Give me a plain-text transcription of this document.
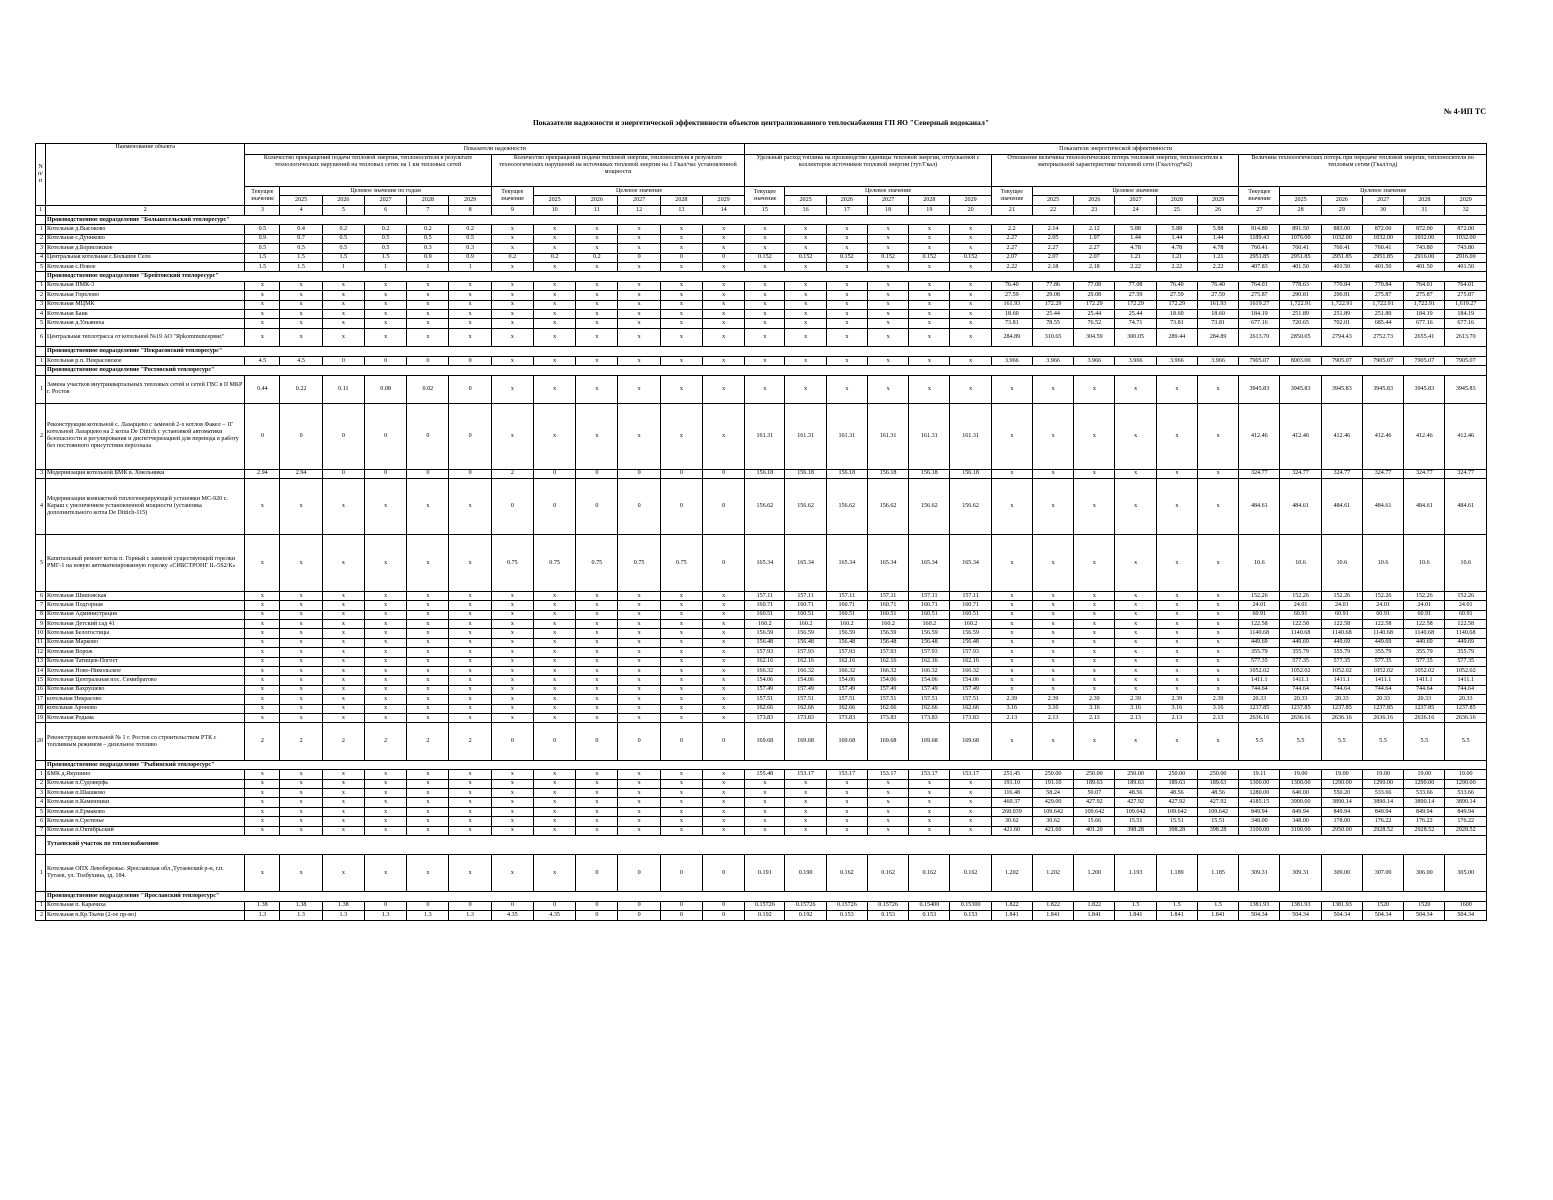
№ 4-ИП ТС
Показатели надежности и энергетической эффективности объектов централизованного теплоснабжения ГП ЯО "Северный водоканал"
N п/п	Наименование объекта	Показатели надежности												Показатели энергетической эффективности																	
		Количество прекращений подачи тепловой энергии, теплоносителя в результате технологических нарушений на тепловых сетях на 1 км тепловых сетей						Количество прекращений подачи тепловой энергии, теплоносителя в результате технологических нарушений на источниках тепловой энергии на 1 Гкал/час установленной мощности						Удельный расход топлива на производство единицы тепловой энергии, отпускаемой с коллекторов источников тепловой энергии (тут/Гкал)						Отношение величины технологических потерь тепловой энергии, теплоносителя к материальной характеристике тепловой сети (Гкал/год*м2)						Величина технологических потерь при передаче тепловой энергии, теплоносителя по тепловым сетям (Гкал/год)					
		Текущее значение	Целевое значение по годам					Текущее значение	Целевое значение					Текущее значение	Целевое значение					Текущее значение	Целевое значение					Текущее значение	Целевое значение				
			2025	2026	2027	2028	2029		2025	2026	2027	2028	2029		2025	2026	2027	2028	2029		2025	2026	2027	2028	2029		2025	2026	2027	2028	2029
1	2	3	4	5	6	7	8	9	10	11	12	13	14	15	16	17	18	19	20	21	22	23	24	25	26	27	28	29	30	31	32
	Производственное подразделение "Большесельский теплоресурс"																														
1	Котельная д.Высоково	0.5	0.4	0.2	0.2	0.2	0.2	x	x	x	x	x	x	x	x	x	x	x	x	2.2	2.14	2.12	5.88	5.88	5.88	914.80	891.50	883.00	872.00	872.00	872.00
2	Котельная с.Дуниково	0.9	0.7	0.5	0.5	0.5	0.5	x	x	x	x	x	x	x	x	x	x	x	x	2.27	2.05	1.97	1.44	1.44	1.44	1189.43	1076.00	1032.00	1032.00	1032.00	1032.00
3	Котельная д.Борисовское	0.5	0.5	0.5	0.5	0.3	0.3	x	x	x	x	x	x	x	x	x	x	x	x	2.27	2.27	2.27	4.78	4.78	4.78	760.41	760.41	760.41	760.41	743.80	743.80
4	Центральная котельная с.Большое Село	1.5	1.5	1.5	1.5	0.9	0.9	0.2	0.2	0.2	0	0	0	0.152	0.152	0.152	0.152	0.152	0.152	2.07	2.07	2.07	1.21	1.21	1.21	2951.85	2951.85	2951.85	2951.85	2916.00	2916.00
5	Котельная с.Новое	1.5	1.5	1	1	1	1	x	x	x	x	x	x	x	x	x	x	x	x	2.22	2.18	2.18	2.22	2.22	2.22	407.83	401.50	401.50	401.50	401.50	401.50
	Производственное подразделение "Брейтовский теплоресурс"																														
1	Котельная ПМК-3	x	x	x	x	x	x	x	x	x	x	x	x	x	x	x	x	x	x	76.40	77.86	77.08	77.08	76.40	76.40	764.01	778.63	770.84	770.84	764.01	764.01
2	Котельная Горелово	x	x	x	x	x	x	x	x	x	x	x	x	x	x	x	x	x	x	27.59	29.08	29.08	27.59	27.59	27.59	275.87	290.81	290.81	275.87	275.87	275.87
3	Котельная МЦМК	x	x	x	x	x	x	x	x	x	x	x	x	x	x	x	x	x	x	161.93	172.29	172.29	172.29	172.29	161.93	1619.27	1,722.91	1,722.91	1,722.91	1,722.91	1,619.27
4	Котельная Баик	x	x	x	x	x	x	x	x	x	x	x	x	x	x	x	x	x	x	18.60	25.44	25.44	25.44	18.60	18.60	184.19	251.89	251.89	251.89	184.19	184.19
5	Котельная д.Ульяниха	x	x	x	x	x	x	x	x	x	x	x	x	x	x	x	x	x	x	73.81	78.55	76.52	74.71	73.81	73.81	677.16	720.65	702.01	685.44	677.16	677.16
6	Центральная теплотрасса от котельной №19 АО "Ярkommunсервис"	x	x	x	x	x	x	x	x	x	x	x	x	x	x	x	x	x	x	284.89	310.65	304.59	300.05	289.44	284.89	2613.70	2850.05	2794.43	2752.73	2655.41	2613.70
	Производственное подразделение "Некрасовский теплоресурс"																														
1	Котельная р.п. Некрасовское	4.5	4.5	0	0	0	0	x	x	x	x	x	x	x	x	x	x	x	x	3.966	3.966	3.966	3.966	3.966	3.966	7905.07	8003.00	7905.07	7905.07	7905.07	7905.07
	Производственное подразделение "Ростовский теплоресурс"																														
1	Замена участков внутриквартальных тепловых сетей и сетей ГВС в II МКР г. Ростов	0.44	0.22	0.11	0.08	0.02	0	x	x	x	x	x	x	x	x	x	x	x	x	x	x	x	x	x	x	3945.83	3945.83	3945.83	3945.83	3945.83	3945.83
2	Реконструкция котельной с. Лазарцево с заменой 2-х котлов Факел – 1Г котельной Лазарцево на 2 котла De Dittich с установкой автоматики безопасности и регулирования и диспетчеризацией для перевода в работу без постоянного присутствия персонала	0	0	0	0	0	0	x	x	x	x	x	x	161.31	161.31	161.31	161.31	161.31	161.31	x	x	x	x	x	x	412.46	412.46	412.46	412.46	412.46	412.46
3	Модернизация котельной БМК в. Хмельники	2.94	2.94	0	0	0	0	2	0	0	0	0	0	156.18	156.18	156.18	156.18	156.18	156.18	x	x	x	x	x	x	324.77	324.77	324.77	324.77	324.77	324.77
4	Модернизация компактной теплогенерирующей установки МС-920 с. Караш с увеличением установленной мощности (установка дополнительного котла De Dittich-115)	x	x	x	x	x	x	0	0	0	0	0	0	156.62	156.62	156.62	156.62	156.62	156.62	x	x	x	x	x	x	484.61	484.61	484.61	484.61	484.61	484.61
5	Капитальный ремонт котла п. Горный с заменой существующей горелки РМГ-1 на новую автоматизированную горелку «СИБСТРОНГ IL-5S2/К»	x	x	x	x	x	x	0.75	0.75	0.75	0.75	0.75	0	165.34	165.34	165.34	165.34	165.34	165.34	x	x	x	x	x	x	10.6	10.6	10.6	10.6	10.6	10.6
6	Котельная Шишовская	x	x	x	x	x	x	x	x	x	x	x	x	157.11	157.11	157.11	157.11	157.11	157.11	x	x	x	x	x	x	152.26	152.26	152.26	152.26	152.26	152.26
7	Котельная Подгорная	x	x	x	x	x	x	x	x	x	x	x	x	160.71	160.71	160.71	160.71	160.71	160.71	x	x	x	x	x	x	24.01	24.01	24.01	24.01	24.01	24.01
8	Котельная Администрация	x	x	x	x	x	x	x	x	x	x	x	x	160.51	160.51	160.51	160.51	160.51	160.51	x	x	x	x	x	x	60.91	60.91	60.91	60.91	60.91	60.91
9	Котельная Детский сад 41	x	x	x	x	x	x	x	x	x	x	x	x	160.2	160.2	160.2	160.2	160.2	160.2	x	x	x	x	x	x	122.58	122.58	122.58	122.58	122.58	122.58
10	Котельная Белогостицы	x	x	x	x	x	x	x	x	x	x	x	x	156.59	156.59	156.59	156.59	156.59	156.59	x	x	x	x	x	x	1140.68	1140.68	1140.68	1140.68	1140.68	1140.68
11	Котельная Марково	x	x	x	x	x	x	x	x	x	x	x	x	156.48	156.48	156.48	156.48	156.48	156.48	x	x	x	x	x	x	449.69	449.69	449.69	449.69	449.69	449.69
12	Котельная Ворож	x	x	x	x	x	x	x	x	x	x	x	x	157.93	157.93	157.93	157.93	157.93	157.93	x	x	x	x	x	x	355.79	355.79	355.79	355.79	355.79	355.79
13	Котельная Татищев-Погост	x	x	x	x	x	x	x	x	x	x	x	x	162.16	162.16	162.16	162.16	162.16	162.16	x	x	x	x	x	x	577.35	577.35	577.35	577.35	577.35	577.35
14	Котельная Ново-Никольское	x	x	x	x	x	x	x	x	x	x	x	x	166.32	166.32	166.32	166.32	166.32	166.32	x	x	x	x	x	x	1052.02	1052.02	1052.02	1052.02	1052.02	1052.02
15	Котельная Центральная пос. Семибратово	x	x	x	x	x	x	x	x	x	x	x	x	154.06	154.06	154.06	154.06	154.06	154.06	x	x	x	x	x	x	1411.1	1411.1	1411.1	1411.1	1411.1	1411.1
16	Котельная Вахрушево	x	x	x	x	x	x	x	x	x	x	x	x	157.49	157.49	157.49	157.49	157.49	157.49	x	x	x	x	x	x	744.64	744.64	744.64	744.64	744.64	744.64
17	котельная Некрасово	x	x	x	x	x	x	x	x	x	x	x	x	157.51	157.51	157.51	157.51	157.51	157.51	2.39	2.39	2.39	2.39	2.39	2.39	20.33	20.33	20.33	20.33	20.33	20.33
18	котельная Ароново	x	x	x	x	x	x	x	x	x	x	x	x	162.66	162.66	162.66	162.66	162.66	162.66	3.16	3.16	3.16	3.16	3.16	3.16	1237.85	1237.85	1237.85	1237.85	1237.85	1237.85
19	Котельная Родьма	x	x	x	x	x	x	x	x	x	x	x	x	173.83	173.83	173.83	173.83	173.83	173.83	2.13	2.13	2.13	2.13	2.13	2.13	2636.16	2636.16	2636.16	2636.16	2636.16	2636.16
20	Реконструкция котельной № 1 г. Ростов со строительством РТК с топливным режимом – дизельное топливо	2	2	2	2	2	2	0	0	0	0	0	0	169.68	169.68	169.68	169.68	169.68	169.68	x	x	x	x	x	x	5.5	5.5	5.5	5.5	5.5	5.5
	Производственное подразделение "Рыбинский теплоресурс"																														
1	БМК д.Якушино	x	x	x	x	x	x	x	x	x	x	x	x	155.48	153.17	153.17	153.17	153.17	153.17	251.45	250.00	250.00	250.00	250.00	250.00	19.11	19.00	19.00	19.00	19.00	19.00
2	Котельная п.Судоверфь	x	x	x	x	x	x	x	x	x	x	x	x	x	x	x	x	x	x	191.10	191.10	189.63	189.63	189.63	189.63	1300.00	1300.00	1290.00	1290.00	1290.00	1290.00
3	Котельная п.Шашково	x	x	x	x	x	x	x	x	x	x	x	x	x	x	x	x	x	x	116.48	58.24	50.07	48.56	48.56	48.56	1280.00	640.00	550.20	533.66	533.66	533.66
4	Котельная п.Каменники	x	x	x	x	x	x	x	x	x	x	x	x	x	x	x	x	x	x	460.37	429.00	427.92	427.92	427.92	427.92	4185.15	3900.00	3890.14	3890.14	3890.14	3890.14
5	Котельная п.Ермаково	x	x	x	x	x	x	x	x	x	x	x	x	x	x	x	x	x	x	268.039	109.642	109.642	109.642	109.642	109.642	849.94	849.94	849.94	849.94	849.94	849.94
6	Котельная п.Сретенье	x	x	x	x	x	x	x	x	x	x	x	x	x	x	x	x	x	x	30.62	30.62	15.66	15.51	15.51	15.51	348.00	348.00	178.00	176.22	176.22	176.22
7	Котельная п.Октябрьский	x	x	x	x	x	x	x	x	x	x	x	x	x	x	x	x	x	x	421.60	421.60	401.20	398.28	398.28	398.28	3100.00	3100.00	2950.00	2928.52	2928.52	2928.52
	Тутаевский участок по теплоснабжению																														
1	Котельная ОПХ Левобережье. Ярославская обл.,Тутаевский р-н, г.п. Тутаев, ул. Толбухина, зд. 184.	x	x	x	x	x	x	x	x	0	0	0	0	0.191	0.190	0.162	0.162	0.162	0.162	1.202	1.202	1.200	1.193	1.189	1.185	309.31	309.31	309.00	307.00	306.00	305.00
	Производственное подразделение "Ярославский теплоресурс"																														
1	Котельная п. Карачиха	1.38	1.38	1.38	0	0	0	0	0	0	0	0	0	0.15726	0.15726	0.15726	0.15726	0.15400	0.15300	1.822	1.822	1.822	1.5	1.5	1.5	1381.93	1381.93	1381.93	1520	1520	1600
2	Котельная п.Кр.Ткачи (2-ое пр-во)	1.3	1.3	1.3	1.3	1.3	1.3	4.35	4.35	0	0	0	0	0.192	0.192	0.153	0.153	0.153	0.153	1.841	1.841	1.841	1.841	1.841	1.841	504.34	504.34	504.34	504.34	504.34	504.34
